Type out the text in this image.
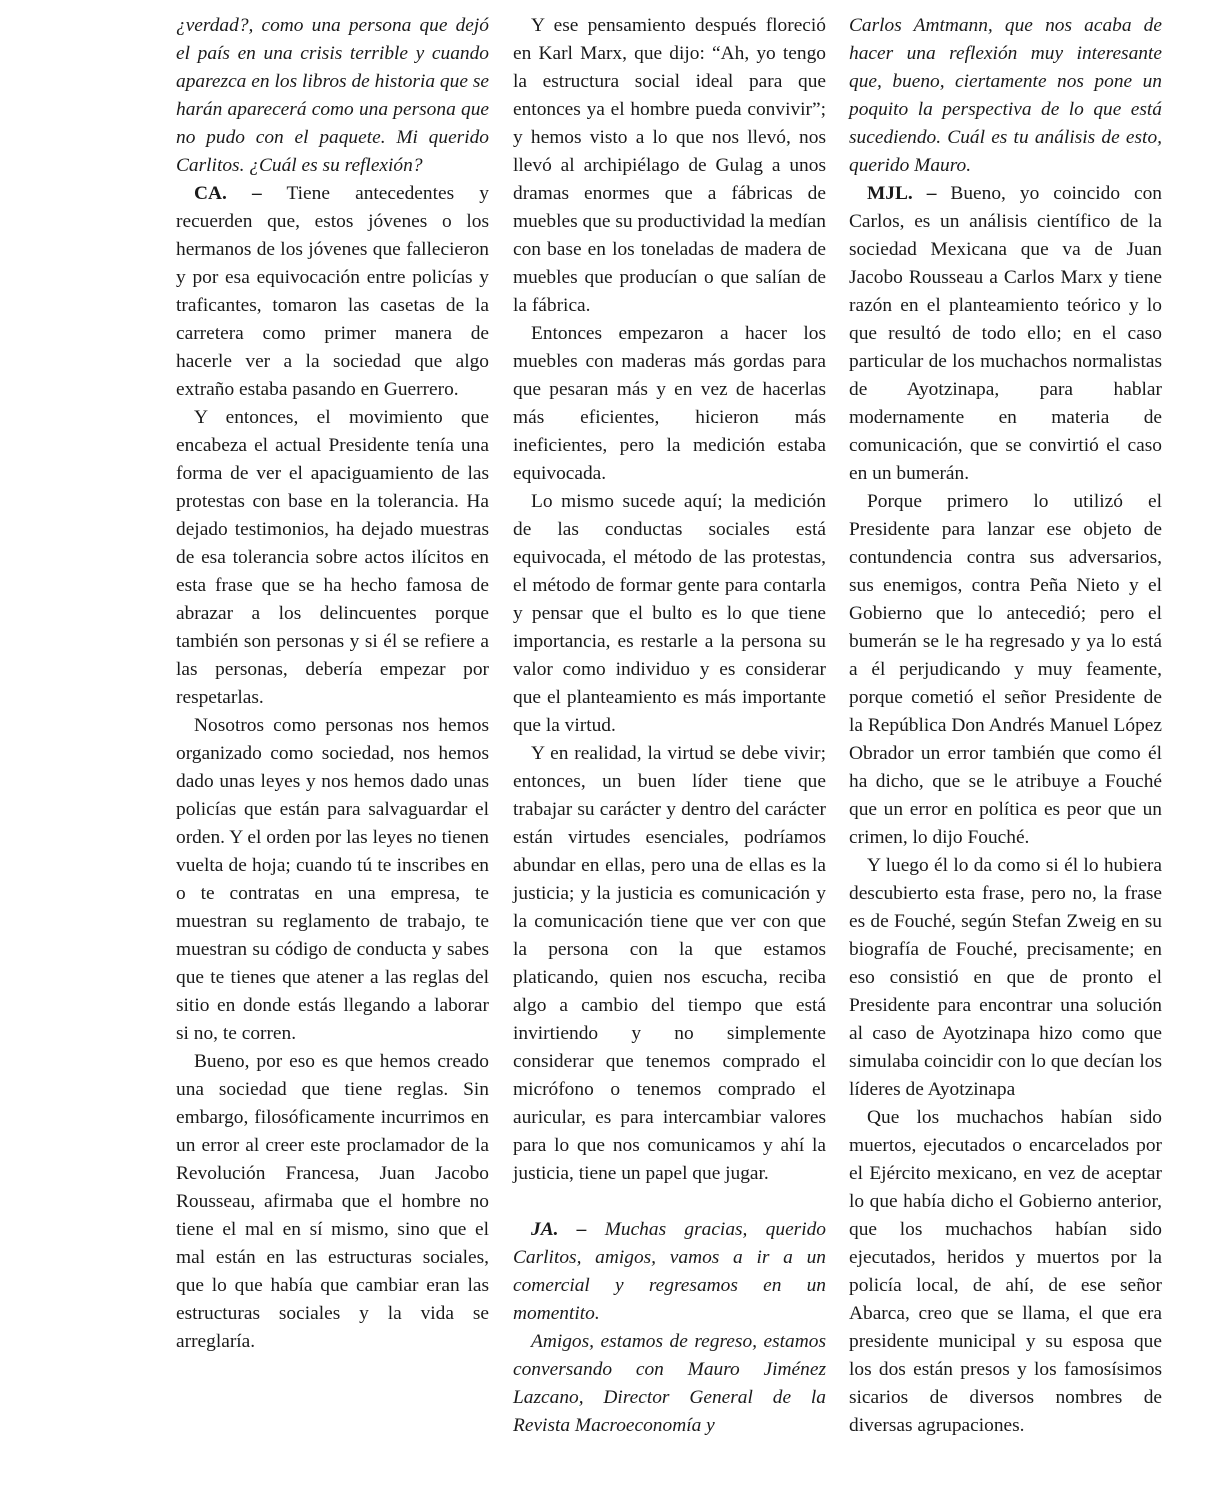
¿verdad?, como una persona que dejó el país en una crisis terrible y cuando aparezca en los libros de historia que se harán aparecerá como una persona que no pudo con el paquete. Mi querido Carlitos. ¿Cuál es su reflexión?

CA. – Tiene antecedentes y recuerden que, estos jóvenes o los hermanos de los jóvenes que fallecieron y por esa equivocación entre policías y traficantes, tomaron las casetas de la carretera como primer manera de hacerle ver a la sociedad que algo extraño estaba pasando en Guerrero.

Y entonces, el movimiento que encabeza el actual Presidente tenía una forma de ver el apaciguamiento de las protestas con base en la tolerancia. Ha dejado testimonios, ha dejado muestras de esa tolerancia sobre actos ilícitos en esta frase que se ha hecho famosa de abrazar a los delincuentes porque también son personas y si él se refiere a las personas, debería empezar por respetarlas.

Nosotros como personas nos hemos organizado como sociedad, nos hemos dado unas leyes y nos hemos dado unas policías que están para salvaguardar el orden. Y el orden por las leyes no tienen vuelta de hoja; cuando tú te inscribes en o te contratas en una empresa, te muestran su reglamento de trabajo, te muestran su código de conducta y sabes que te tienes que atener a las reglas del sitio en donde estás llegando a laborar si no, te corren.

Bueno, por eso es que hemos creado una sociedad que tiene reglas. Sin embargo, filosóficamente incurrimos en un error al creer este proclamador de la Revolución Francesa, Juan Jacobo Rousseau, afirmaba que el hombre no tiene el mal en sí mismo, sino que el mal están en las estructuras sociales, que lo que había que cambiar eran las estructuras sociales y la vida se arreglaría.

Y ese pensamiento después floreció en Karl Marx, que dijo: “Ah, yo tengo la estructura social ideal para que entonces ya el hombre pueda convivir”; y hemos visto a lo que nos llevó, nos llevó al archipiélago de Gulag a unos dramas enormes que a fábricas de muebles que su productividad la medían con base en los toneladas de madera de muebles que producían o que salían de la fábrica.

Entonces empezaron a hacer los muebles con maderas más gordas para que pesaran más y en vez de hacerlas más eficientes, hicieron más ineficientes, pero la medición estaba equivocada.

Lo mismo sucede aquí; la medición de las conductas sociales está equivocada, el método de las protestas, el método de formar gente para contarla y pensar que el bulto es lo que tiene importancia, es restarle a la persona su valor como individuo y es considerar que el planteamiento es más importante que la virtud.

Y en realidad, la virtud se debe vivir; entonces, un buen líder tiene que trabajar su carácter y dentro del carácter están virtudes esenciales, podríamos abundar en ellas, pero una de ellas es la justicia; y la justicia es comunicación y la comunicación tiene que ver con que la persona con la que estamos platicando, quien nos escucha, reciba algo a cambio del tiempo que está invirtiendo y no simplemente considerar que tenemos comprado el micrófono o tenemos comprado el auricular, es para intercambiar valores para lo que nos comunicamos y ahí la justicia, tiene un papel que jugar.

JA. – Muchas gracias, querido Carlitos, amigos, vamos a ir a un comercial y regresamos en un momentito.

Amigos, estamos de regreso, estamos conversando con Mauro Jiménez Lazcano, Director General de la Revista Macroeconomía y

Carlos Amtmann, que nos acaba de hacer una reflexión muy interesante que, bueno, ciertamente nos pone un poquito la perspectiva de lo que está sucediendo. Cuál es tu análisis de esto, querido Mauro.

MJL. – Bueno, yo coincido con Carlos, es un análisis científico de la sociedad Mexicana que va de Juan Jacobo Rousseau a Carlos Marx y tiene razón en el planteamiento teórico y lo que resultó de todo ello; en el caso particular de los muchachos normalistas de Ayotzinapa, para hablar modernamente en materia de comunicación, que se convirtió el caso en un bumerán.

Porque primero lo utilizó el Presidente para lanzar ese objeto de contundencia contra sus adversarios, sus enemigos, contra Peña Nieto y el Gobierno que lo antecedió; pero el bumerán se le ha regresado y ya lo está a él perjudicando y muy feamente, porque cometió el señor Presidente de la República Don Andrés Manuel López Obrador un error también que como él ha dicho, que se le atribuye a Fouché que un error en política es peor que un crimen, lo dijo Fouché.

Y luego él lo da como si él lo hubiera descubierto esta frase, pero no, la frase es de Fouché, según Stefan Zweig en su biografía de Fouché, precisamente; en eso consistió en que de pronto el Presidente para encontrar una solución al caso de Ayotzinapa hizo como que simulaba coincidir con lo que decían los líderes de Ayotzinapa

Que los muchachos habían sido muertos, ejecutados o encarcelados por el Ejército mexicano, en vez de aceptar lo que había dicho el Gobierno anterior, que los muchachos habían sido ejecutados, heridos y muertos por la policía local, de ahí, de ese señor Abarca, creo que se llama, el que era presidente municipal y su esposa que los dos están presos y los famosísimos sicarios de diversos nombres de diversas agrupaciones.
